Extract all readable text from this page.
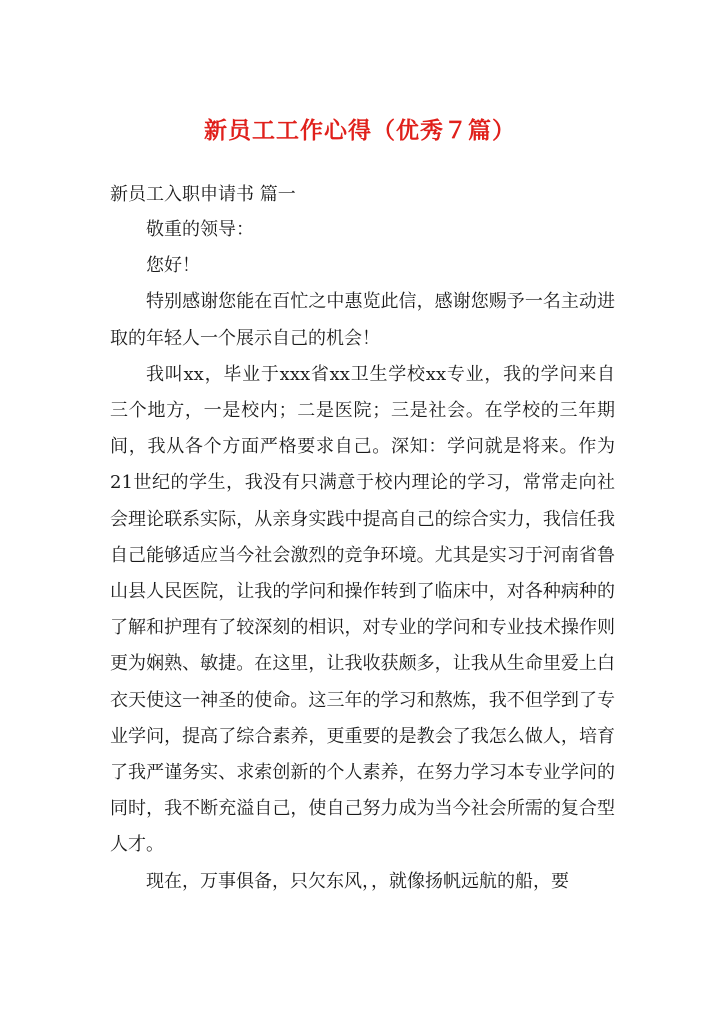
新员工工作心得（优秀７篇）
新员工入职申请书 篇一

敬重的领导：

您好！

特别感谢您能在百忙之中惠览此信，感谢您赐予一名主动进取的年轻人一个展示自己的机会！

我叫xx，毕业于xxx省xx卫生学校xx专业，我的学问来自三个地方，一是校内；二是医院；三是社会。在学校的三年期间，我从各个方面严格要求自己。深知：学问就是将来。作为21世纪的学生，我没有只满意于校内理论的学习，常常走向社会理论联系实际，从亲身实践中提高自己的综合实力，我信任我自己能够适应当今社会激烈的竞争环境。尤其是实习于河南省鲁山县人民医院，让我的学问和操作转到了临床中，对各种病种的了解和护理有了较深刻的相识，对专业的学问和专业技术操作则更为娴熟、敏捷。在这里，让我收获颇多，让我从生命里爱上白衣天使这一神圣的使命。这三年的学习和熬炼，我不但学到了专业学问，提高了综合素养，更重要的是教会了我怎么做人，培育了我严谨务实、求索创新的个人素养，在努力学习本专业学问的同时，我不断充溢自己，使自己努力成为当今社会所需的复合型人才。

现在，万事俱备，只欠东风，，就像扬帆远航的船，要
